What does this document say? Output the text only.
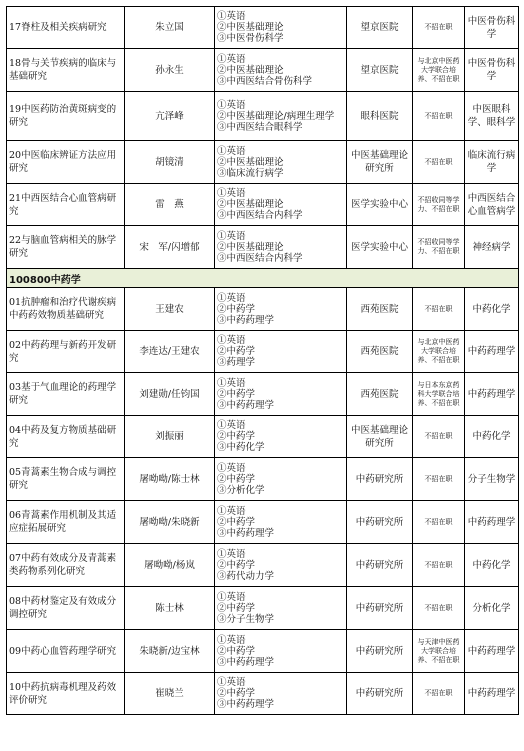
17脊柱及相关疾病研究	朱立国	①英语
②中医基础理论
③中医骨伤科学	望京医院	不招在职	中医骨伤科学
18骨与关节疾病的临床与基础研究	孙永生	①英语
②中医基础理论
③中西医结合骨伤科学	望京医院	与北京中医药大学联合培养、不招在职	中医骨伤科学
19中医药防治黄斑病变的研究	亢泽峰	①英语
②中医基础理论/病理生理学
③中西医结合眼科学	眼科医院	不招在职	中医眼科学、眼科学
20中医临床辨证方法应用研究	胡镜清	①英语
②中医基础理论
③临床流行病学	中医基础理论研究所	不招在职	临床流行病学
21中西医结合心血管病研究	雷　燕	①英语
②中医基础理论
③中西医结合内科学	医学实验中心	不招收同等学力、不招在职	中西医结合心血管病学
22与脑血管病相关的脉学研究	宋　军/闪增郁	①英语
②中医基础理论
③中西医结合内科学	医学实验中心	不招收同等学力、不招在职	神经病学
100800中药学					
01抗肿瘤和治疗代谢疾病中药药效物质基础研究	王建农	①英语
②中药学
③中药药理学	西苑医院	不招在职	中药化学
02中药药理与新药开发研究	李连达/王建农	①英语
②中药学
③药理学	西苑医院	与北京中医药大学联合培养、不招在职	中药药理学
03基于气血理论的药理学研究	刘建勋/任钧国	①英语
②中药学
③中药药理学	西苑医院	与日本东京药科大学联合培养、不招在职	中药药理学
04中药及复方物质基础研究	刘振丽	①英语
②中药学
③中药化学	中医基础理论研究所	不招在职	中药化学
05青蒿素生物合成与调控研究	屠呦呦/陈士林	①英语
②中药学
③分析化学	中药研究所	不招在职	分子生物学
06青蒿素作用机制及其适应症拓展研究	屠呦呦/朱晓新	①英语
②中药学
③中药药理学	中药研究所	不招在职	中药药理学
07中药有效成分及青蒿素类药物系列化研究	屠呦呦/杨岚	①英语
②中药学
③药代动力学	中药研究所	不招在职	中药化学
08中药材鉴定及有效成分调控研究	陈士林	①英语
②中药学
③分子生物学	中药研究所	不招在职	分析化学
09中药心血管药理学研究	朱晓新/边宝林	①英语
②中药学
③中药药理学	中药研究所	与天津中医药大学联合培养、不招在职	中药药理学
10中药抗病毒机理及药效评价研究	崔晓兰	①英语
②中药学
③中药药理学	中药研究所	不招在职	中药药理学
